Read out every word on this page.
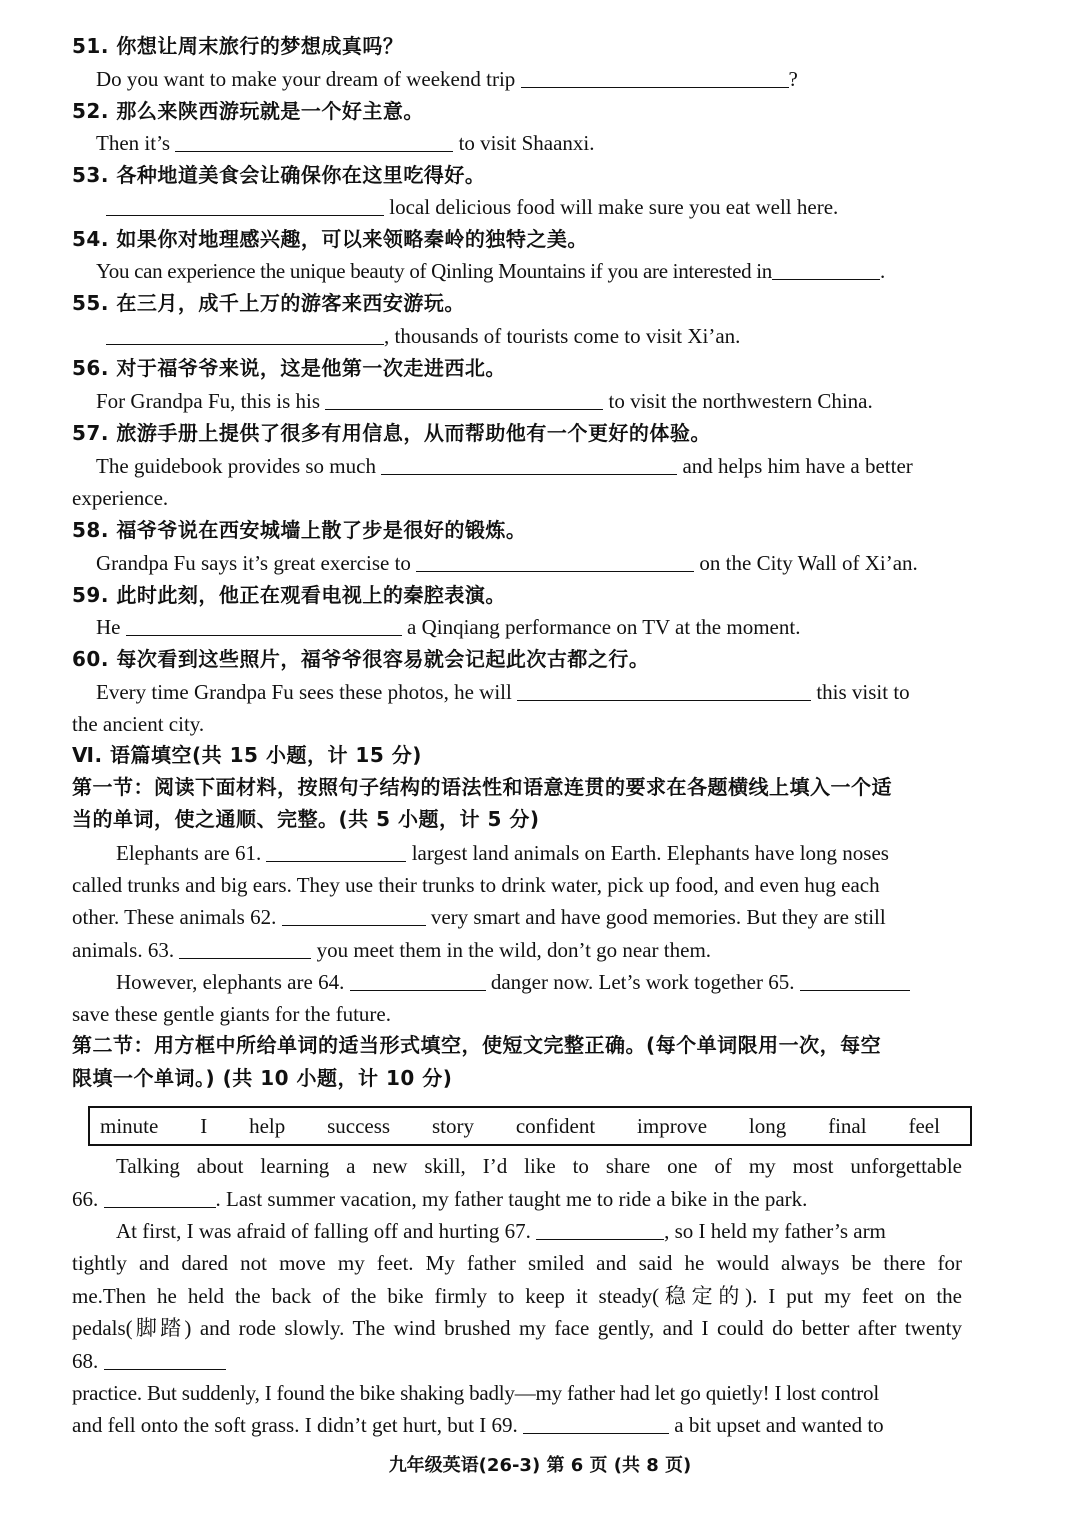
51. 你想让周末旅行的梦想成真吗？
Do you want to make your dream of weekend trip	?
52. 那么来陕西游玩就是一个好主意。
Then it’s	to visit Shaanxi.
53. 各种地道美食会让确保你在这里吃得好。
local delicious food will make sure you eat well here.
54. 如果你对地理感兴趣，可以来领略秦岭的独特之美。
You can experience the unique beauty of Qinling Mountains if you are interested in	.
55. 在三月，成千上万的游客来西安游玩。
, thousands of tourists come to visit Xi’an.
56. 对于福爷爷来说，这是他第一次走进西北。
For Grandpa Fu, this is his	to visit the northwestern China.
57. 旅游手册上提供了很多有用信息，从而帮助他有一个更好的体验。
The guidebook provides so much	and helps him have a better
experience.
58. 福爷爷说在西安城墙上散了步是很好的锻炼。
Grandpa Fu says it’s great exercise to	on the City Wall of Xi’an.
59. 此时此刻，他正在观看电视上的秦腔表演。
He	a Qinqiang performance on TV at the moment.
60. 每次看到这些照片，福爷爷很容易就会记起此次古都之行。
Every time Grandpa Fu sees these photos, he will	this visit to
the ancient city.
Ⅵ. 语篇填空(共 15 小题，计 15 分)
第一节：阅读下面材料，按照句子结构的语法性和语意连贯的要求在各题横线上填入一个适
当的单词，使之通顺、完整。(共 5 小题，计 5 分)
Elephants are 61.	largest land animals on Earth. Elephants have long noses
called trunks and big ears. They use their trunks to drink water, pick up food, and even hug each
other. These animals 62.	very smart and have good memories. But they are still
animals. 63.	you meet them in the wild, don’t go near them.
However, elephants are 64.	danger now. Let’s work together 65.
save these gentle giants for the future.
第二节：用方框中所给单词的适当形式填空，使短文完整正确。(每个单词限用一次，每空
限填一个单词。) (共 10 小题，计 10 分)
minute I help success story confident improve long final feel
Talking about learning a new skill, I’d like to share one of my most unforgettable
66.	. Last summer vacation, my father taught me to ride a bike in the park.
At first, I was afraid of falling off and hurting 67.	, so I held my father’s arm
tightly and dared not move my feet. My father smiled and said he would always be there for
me.Then he held the back of the bike firmly to keep it steady(稳定的). I put my feet on the
pedals(脚踏) and rode slowly. The wind brushed my face gently, and I could do better after twenty
68.
practice. But suddenly, I found the bike shaking badly—my father had let go quietly! I lost control
and fell onto the soft grass. I didn’t get hurt, but I 69.	a bit upset and wanted to
九年级英语(26-3) 第 6 页 (共 8 页)
